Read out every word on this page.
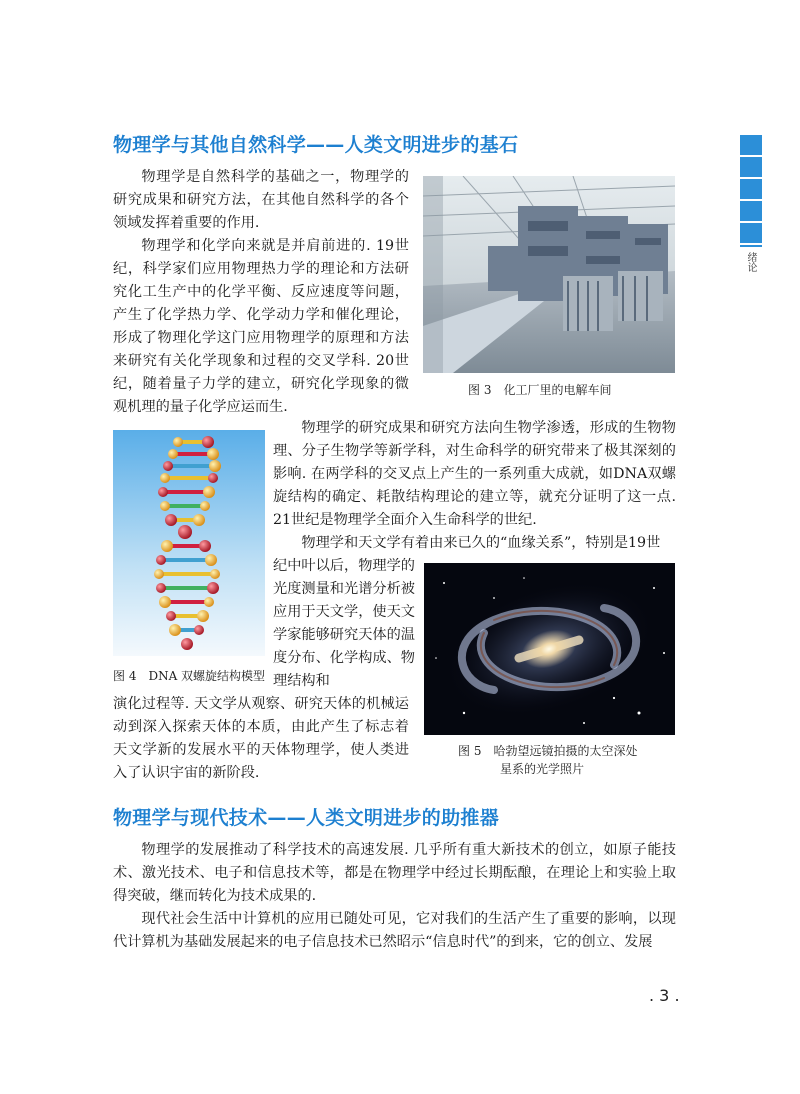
物理学与其他自然科学——人类文明进步的基石
绪论

物理学是自然科学的基础之一，物理学的研究成果和研究方法，在其他自然科学的各个领域发挥着重要的作用.

物理学和化学向来就是并肩前进的. 19世纪，科学家们应用物理热力学的理论和方法研究化工生产中的化学平衡、反应速度等问题，产生了化学热力学、化学动力学和催化理论，形成了物理化学这门应用物理学的原理和方法来研究有关化学现象和过程的交叉学科. 20世纪，随着量子力学的建立，研究化学现象的微观机理的量子化学应运而生.

图 3　化工厂里的电解车间

图 4　DNA 双螺旋结构模型

物理学的研究成果和研究方法向生物学渗透，形成的生物物理、分子生物学等新学科，对生命科学的研究带来了极其深刻的影响. 在两学科的交叉点上产生的一系列重大成就，如DNA双螺旋结构的确定、耗散结构理论的建立等，就充分证明了这一点. 21世纪是物理学全面介入生命科学的世纪.

物理学和天文学有着由来已久的“血缘关系”，特别是19世

纪中叶以后，物理学的光度测量和光谱分析被应用于天文学，使天文学家能够研究天体的温度分布、化学构成、物理结构和

演化过程等. 天文学从观察、研究天体的机械运动到深入探索天体的本质，由此产生了标志着天文学新的发展水平的天体物理学，使人类进入了认识宇宙的新阶段.

图 5　哈勃望远镜拍摄的太空深处

星系的光学照片

物理学与现代技术——人类文明进步的助推器

物理学的发展推动了科学技术的高速发展. 几乎所有重大新技术的创立，如原子能技术、激光技术、电子和信息技术等，都是在物理学中经过长期酝酿，在理论上和实验上取得突破，继而转化为技术成果的.

现代社会生活中计算机的应用已随处可见，它对我们的生活产生了重要的影响，以现代计算机为基础发展起来的电子信息技术已然昭示“信息时代”的到来，它的创立、发展

. 3 .
